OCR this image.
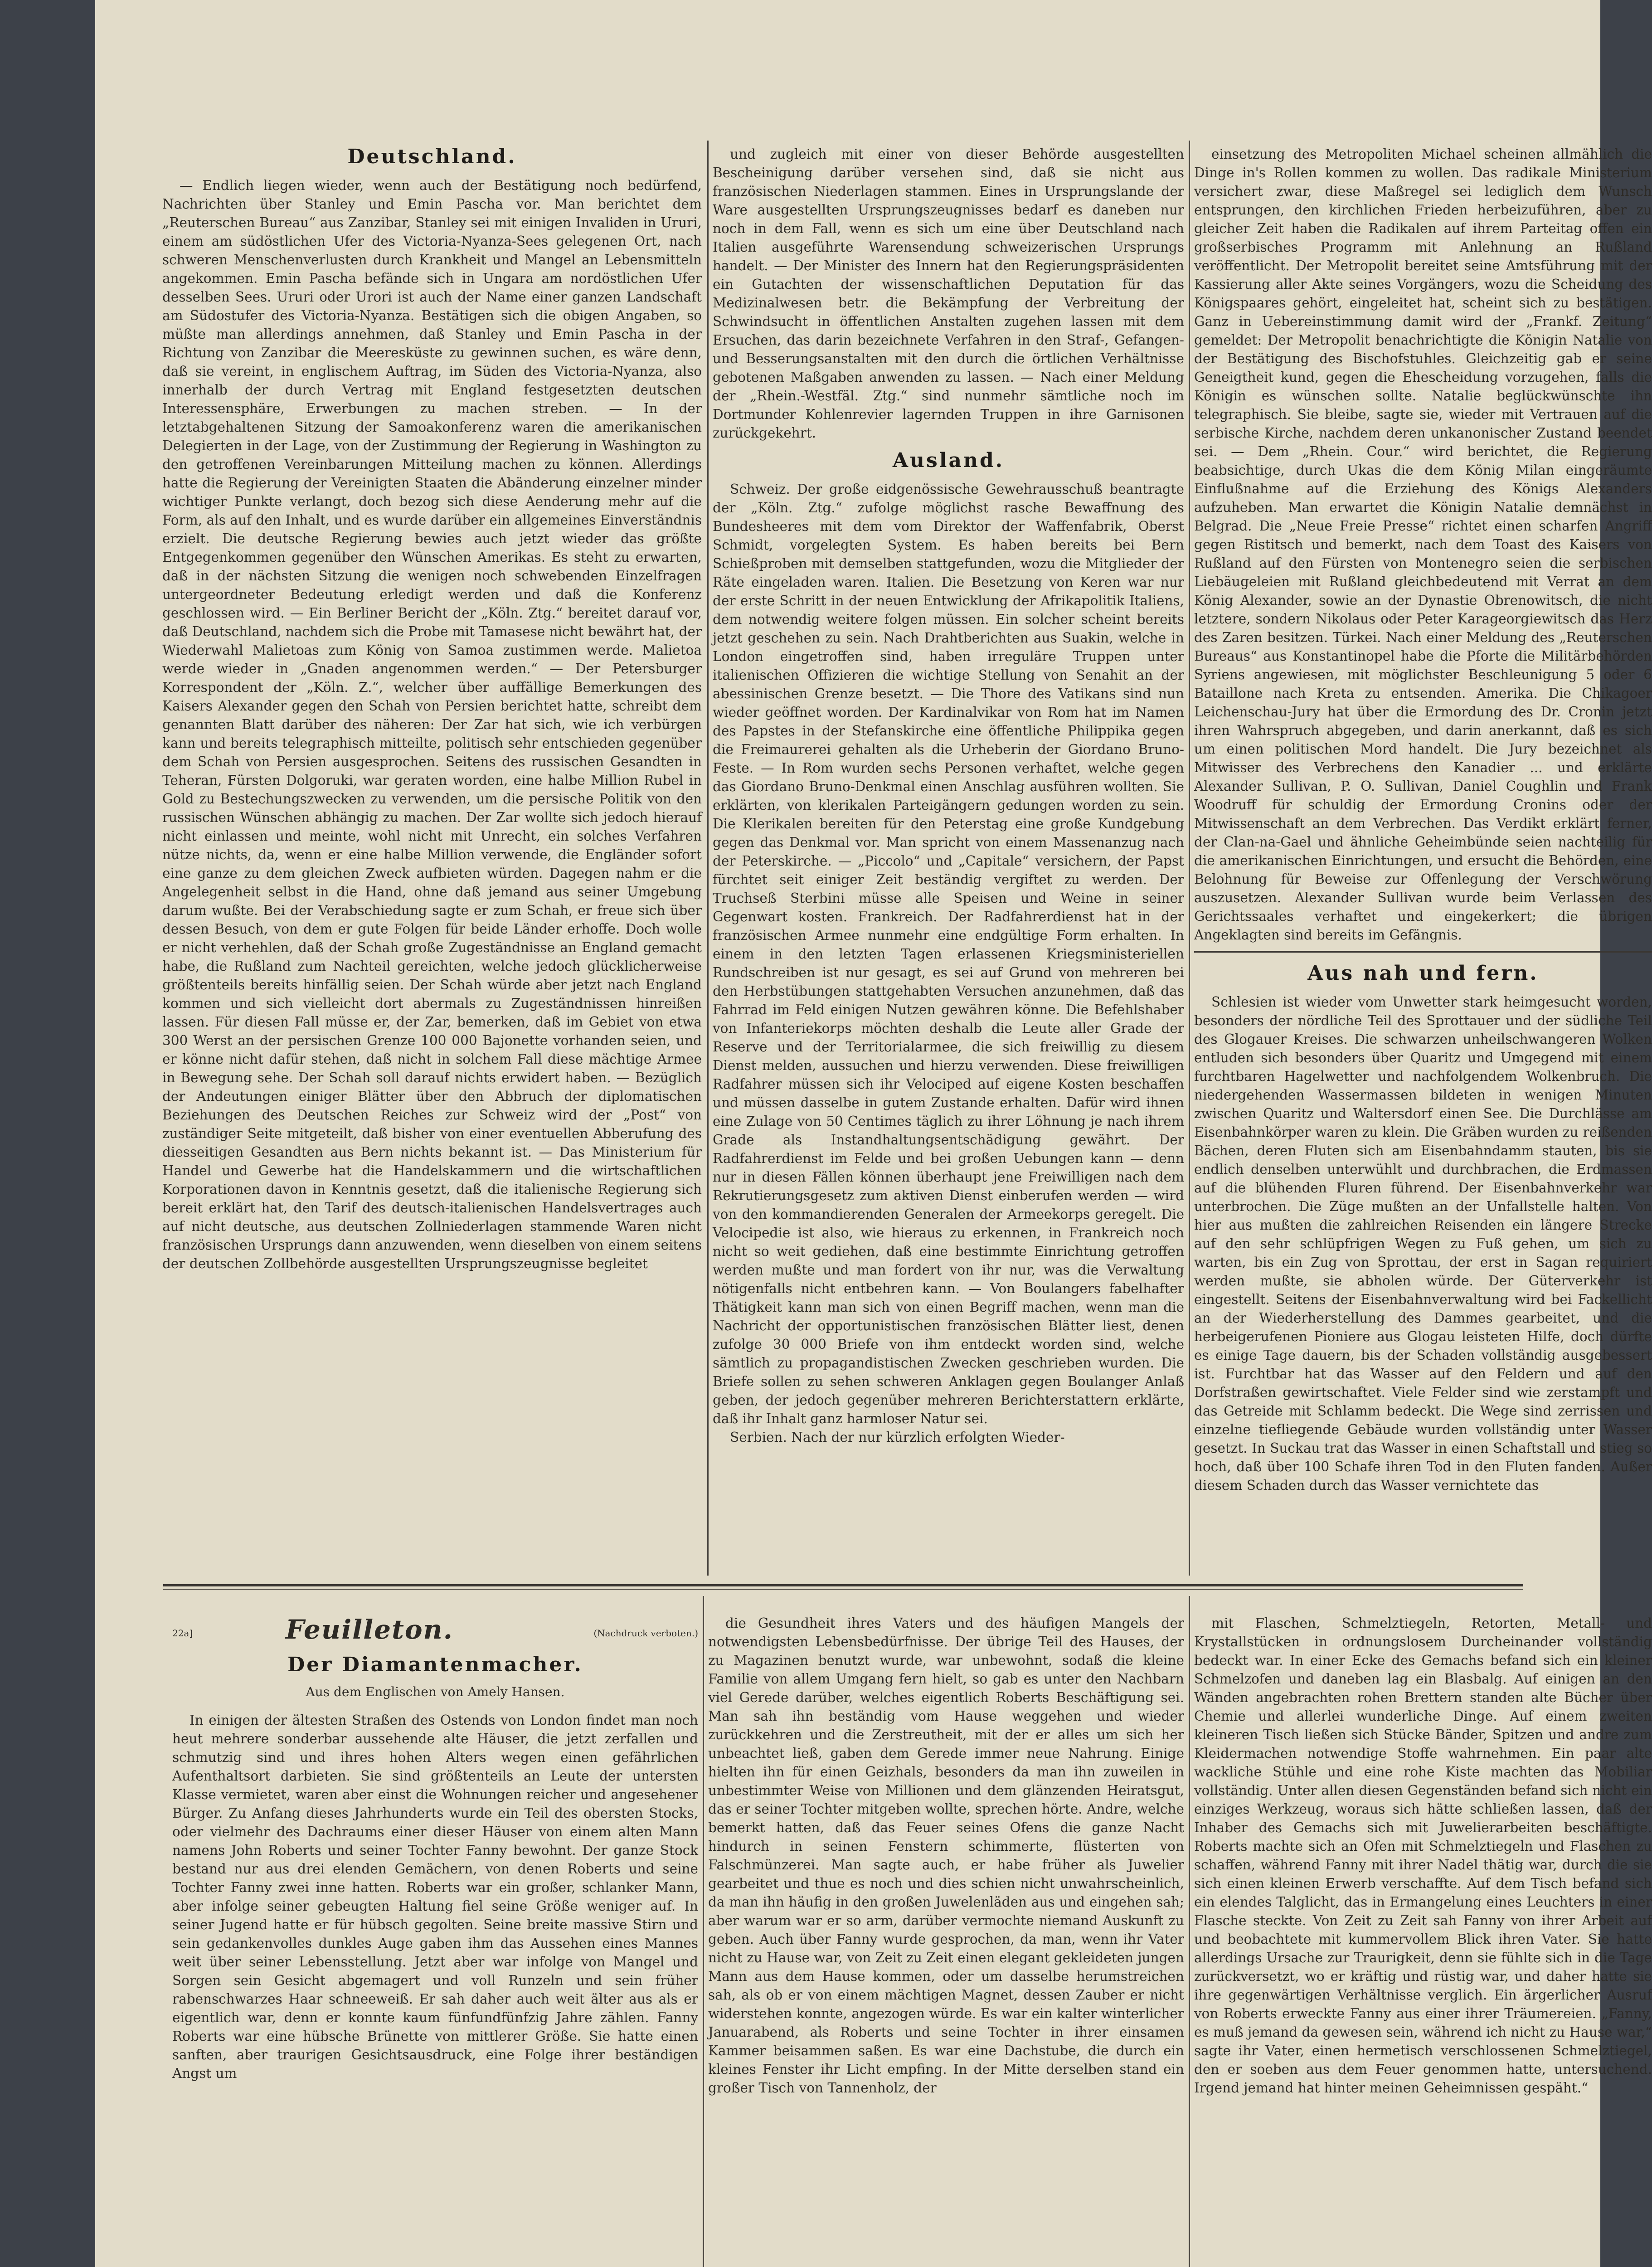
Deutschland.

— Endlich liegen wieder, wenn auch der Bestätigung noch bedürfend, Nachrichten über Stanley und Emin Pascha vor. Man berichtet dem „Reuterschen Bureau“ aus Zanzibar, Stanley sei mit einigen Invaliden in Ururi, einem am südöstlichen Ufer des Victoria-Nyanza-Sees gelegenen Ort, nach schweren Menschenverlusten durch Krankheit und Mangel an Lebensmitteln angekommen. Emin Pascha befände sich in Ungara am nordöstlichen Ufer desselben Sees. Ururi oder Urori ist auch der Name einer ganzen Landschaft am Südostufer des Victoria-Nyanza. Bestätigen sich die obigen Angaben, so müßte man allerdings annehmen, daß Stanley und Emin Pascha in der Richtung von Zanzibar die Meeresküste zu gewinnen suchen, es wäre denn, daß sie vereint, in englischem Auftrag, im Süden des Victoria-Nyanza, also innerhalb der durch Vertrag mit England festgesetzten deutschen Interessensphäre, Erwerbungen zu machen streben. — In der letztabgehaltenen Sitzung der Samoakonferenz waren die amerikanischen Delegierten in der Lage, von der Zustimmung der Regierung in Washington zu den getroffenen Vereinbarungen Mitteilung machen zu können. Allerdings hatte die Regierung der Vereinigten Staaten die Abänderung einzelner minder wichtiger Punkte verlangt, doch bezog sich diese Aenderung mehr auf die Form, als auf den Inhalt, und es wurde darüber ein allgemeines Einverständnis erzielt. Die deutsche Regierung bewies auch jetzt wieder das größte Entgegenkommen gegenüber den Wünschen Amerikas. Es steht zu erwarten, daß in der nächsten Sitzung die wenigen noch schwebenden Einzelfragen untergeordneter Bedeutung erledigt werden und daß die Konferenz geschlossen wird. — Ein Berliner Bericht der „Köln. Ztg.“ bereitet darauf vor, daß Deutschland, nachdem sich die Probe mit Tamasese nicht bewährt hat, der Wiederwahl Malietoas zum König von Samoa zustimmen werde. Malietoa werde wieder in „Gnaden angenommen werden.“ — Der Petersburger Korrespondent der „Köln. Z.“, welcher über auffällige Bemerkungen des Kaisers Alexander gegen den Schah von Persien berichtet hatte, schreibt dem genannten Blatt darüber des näheren: Der Zar hat sich, wie ich verbürgen kann und bereits telegraphisch mitteilte, politisch sehr entschieden gegenüber dem Schah von Persien ausgesprochen. Seitens des russischen Gesandten in Teheran, Fürsten Dolgoruki, war geraten worden, eine halbe Million Rubel in Gold zu Bestechungszwecken zu verwenden, um die persische Politik von den russischen Wünschen abhängig zu machen. Der Zar wollte sich jedoch hierauf nicht einlassen und meinte, wohl nicht mit Unrecht, ein solches Verfahren nütze nichts, da, wenn er eine halbe Million verwende, die Engländer sofort eine ganze zu dem gleichen Zweck aufbieten würden. Dagegen nahm er die Angelegenheit selbst in die Hand, ohne daß jemand aus seiner Umgebung darum wußte. Bei der Verabschiedung sagte er zum Schah, er freue sich über dessen Besuch, von dem er gute Folgen für beide Länder erhoffe. Doch wolle er nicht verhehlen, daß der Schah große Zugeständnisse an England gemacht habe, die Rußland zum Nachteil gereichten, welche jedoch glücklicherweise größtenteils bereits hinfällig seien. Der Schah würde aber jetzt nach England kommen und sich vielleicht dort abermals zu Zugeständnissen hinreißen lassen. Für diesen Fall müsse er, der Zar, bemerken, daß im Gebiet von etwa 300 Werst an der persischen Grenze 100 000 Bajonette vorhanden seien, und er könne nicht dafür stehen, daß nicht in solchem Fall diese mächtige Armee in Bewegung sehe. Der Schah soll darauf nichts erwidert haben. — Bezüglich der Andeutungen einiger Blätter über den Abbruch der diplomatischen Beziehungen des Deutschen Reiches zur Schweiz wird der „Post“ von zuständiger Seite mitgeteilt, daß bisher von einer eventuellen Abberufung des diesseitigen Gesandten aus Bern nichts bekannt ist. — Das Ministerium für Handel und Gewerbe hat die Handelskammern und die wirtschaftlichen Korporationen davon in Kenntnis gesetzt, daß die italienische Regierung sich bereit erklärt hat, den Tarif des deutsch-italienischen Handelsvertrages auch auf nicht deutsche, aus deutschen Zollniederlagen stammende Waren nicht französischen Ursprungs dann anzuwenden, wenn dieselben von einem seitens der deutschen Zollbehörde ausgestellten Ursprungszeugnisse begleitet

und zugleich mit einer von dieser Behörde ausgestellten Bescheinigung darüber versehen sind, daß sie nicht aus französischen Niederlagen stammen. Eines in Ursprungslande der Ware ausgestellten Ursprungszeugnisses bedarf es daneben nur noch in dem Fall, wenn es sich um eine über Deutschland nach Italien ausgeführte Warensendung schweizerischen Ursprungs handelt. — Der Minister des Innern hat den Regierungspräsidenten ein Gutachten der wissenschaftlichen Deputation für das Medizinalwesen betr. die Bekämpfung der Verbreitung der Schwindsucht in öffentlichen Anstalten zugehen lassen mit dem Ersuchen, das darin bezeichnete Verfahren in den Straf-, Gefangen- und Besserungsanstalten mit den durch die örtlichen Verhältnisse gebotenen Maßgaben anwenden zu lassen. — Nach einer Meldung der „Rhein.-Westfäl. Ztg.“ sind nunmehr sämtliche noch im Dortmunder Kohlenrevier lagernden Truppen in ihre Garnisonen zurückgekehrt.

Ausland.

Schweiz. Der große eidgenössische Gewehrausschuß beantragte der „Köln. Ztg.“ zufolge möglichst rasche Bewaffnung des Bundesheeres mit dem vom Direktor der Waffenfabrik, Oberst Schmidt, vorgelegten System. Es haben bereits bei Bern Schießproben mit demselben stattgefunden, wozu die Mitglieder der Räte eingeladen waren. Italien. Die Besetzung von Keren war nur der erste Schritt in der neuen Entwicklung der Afrikapolitik Italiens, dem notwendig weitere folgen müssen. Ein solcher scheint bereits jetzt geschehen zu sein. Nach Drahtberichten aus Suakin, welche in London eingetroffen sind, haben irreguläre Truppen unter italienischen Offizieren die wichtige Stellung von Senahit an der abessinischen Grenze besetzt. — Die Thore des Vatikans sind nun wieder geöffnet worden. Der Kardinalvikar von Rom hat im Namen des Papstes in der Stefanskirche eine öffentliche Philippika gegen die Freimaurerei gehalten als die Urheberin der Giordano Bruno-Feste. — In Rom wurden sechs Personen verhaftet, welche gegen das Giordano Bruno-Denkmal einen Anschlag ausführen wollten. Sie erklärten, von klerikalen Parteigängern gedungen worden zu sein. Die Klerikalen bereiten für den Peterstag eine große Kundgebung gegen das Denkmal vor. Man spricht von einem Massenanzug nach der Peterskirche. — „Piccolo“ und „Capitale“ versichern, der Papst fürchtet seit einiger Zeit beständig vergiftet zu werden. Der Truchseß Sterbini müsse alle Speisen und Weine in seiner Gegenwart kosten. Frankreich. Der Radfahrerdienst hat in der französischen Armee nunmehr eine endgültige Form erhalten. In einem in den letzten Tagen erlassenen Kriegsministeriellen Rundschreiben ist nur gesagt, es sei auf Grund von mehreren bei den Herbstübungen stattgehabten Versuchen anzunehmen, daß das Fahrrad im Feld einigen Nutzen gewähren könne. Die Befehlshaber von Infanteriekorps möchten deshalb die Leute aller Grade der Reserve und der Territorialarmee, die sich freiwillig zu diesem Dienst melden, aussuchen und hierzu verwenden. Diese freiwilligen Radfahrer müssen sich ihr Velociped auf eigene Kosten beschaffen und müssen dasselbe in gutem Zustande erhalten. Dafür wird ihnen eine Zulage von 50 Centimes täglich zu ihrer Löhnung je nach ihrem Grade als Instandhaltungsentschädigung gewährt. Der Radfahrerdienst im Felde und bei großen Uebungen kann — denn nur in diesen Fällen können überhaupt jene Freiwilligen nach dem Rekrutierungsgesetz zum aktiven Dienst einberufen werden — wird von den kommandierenden Generalen der Armeekorps geregelt. Die Velocipedie ist also, wie hieraus zu erkennen, in Frankreich noch nicht so weit gediehen, daß eine bestimmte Einrichtung getroffen werden mußte und man fordert von ihr nur, was die Verwaltung nötigenfalls nicht entbehren kann. — Von Boulangers fabelhafter Thätigkeit kann man sich von einen Begriff machen, wenn man die Nachricht der opportunistischen französischen Blätter liest, denen zufolge 30 000 Briefe von ihm entdeckt worden sind, welche sämtlich zu propagandistischen Zwecken geschrieben wurden. Die Briefe sollen zu sehen schweren Anklagen gegen Boulanger Anlaß geben, der jedoch gegenüber mehreren Berichterstattern erklärte, daß ihr Inhalt ganz harmloser Natur sei.

Serbien. Nach der nur kürzlich erfolgten Wieder-

einsetzung des Metropoliten Michael scheinen allmählich die Dinge in's Rollen kommen zu wollen. Das radikale Ministerium versichert zwar, diese Maßregel sei lediglich dem Wunsch entsprungen, den kirchlichen Frieden herbeizuführen, aber zu gleicher Zeit haben die Radikalen auf ihrem Parteitag offen ein großserbisches Programm mit Anlehnung an Rußland veröffentlicht. Der Metropolit bereitet seine Amtsführung mit der Kassierung aller Akte seines Vorgängers, wozu die Scheidung des Königspaares gehört, eingeleitet hat, scheint sich zu bestätigen. Ganz in Uebereinstimmung damit wird der „Frankf. Zeitung“ gemeldet: Der Metropolit benachrichtigte die Königin Natalie von der Bestätigung des Bischofstuhles. Gleichzeitig gab er seine Geneigtheit kund, gegen die Ehescheidung vorzugehen, falls die Königin es wünschen sollte. Natalie beglückwünschte ihn telegraphisch. Sie bleibe, sagte sie, wieder mit Vertrauen auf die serbische Kirche, nachdem deren unkanonischer Zustand beendet sei. — Dem „Rhein. Cour.“ wird berichtet, die Regierung beabsichtige, durch Ukas die dem König Milan eingeräumte Einflußnahme auf die Erziehung des Königs Alexanders aufzuheben. Man erwartet die Königin Natalie demnächst in Belgrad. Die „Neue Freie Presse“ richtet einen scharfen Angriff gegen Ristitsch und bemerkt, nach dem Toast des Kaisers von Rußland auf den Fürsten von Montenegro seien die serbischen Liebäugeleien mit Rußland gleichbedeutend mit Verrat an dem König Alexander, sowie an der Dynastie Obrenowitsch, die nicht letztere, sondern Nikolaus oder Peter Karageorgiewitsch das Herz des Zaren besitzen. Türkei. Nach einer Meldung des „Reuterschen Bureaus“ aus Konstantinopel habe die Pforte die Militärbehörden Syriens angewiesen, mit möglichster Beschleunigung 5 oder 6 Bataillone nach Kreta zu entsenden. Amerika. Die Chikagoer Leichenschau-Jury hat über die Ermordung des Dr. Cronin jetzt ihren Wahrspruch abgegeben, und darin anerkannt, daß es sich um einen politischen Mord handelt. Die Jury bezeichnet als Mitwisser des Verbrechens den Kanadier ... und erklärte Alexander Sullivan, P. O. Sullivan, Daniel Coughlin und Frank Woodruff für schuldig der Ermordung Cronins oder der Mitwissenschaft an dem Verbrechen. Das Verdikt erklärt ferner, der Clan-na-Gael und ähnliche Geheimbünde seien nachteilig für die amerikanischen Einrichtungen, und ersucht die Behörden, eine Belohnung für Beweise zur Offenlegung der Verschwörung auszusetzen. Alexander Sullivan wurde beim Verlassen des Gerichtssaales verhaftet und eingekerkert; die übrigen Angeklagten sind bereits im Gefängnis.

Aus nah und fern.

Schlesien ist wieder vom Unwetter stark heimgesucht worden, besonders der nördliche Teil des Sprottauer und der südliche Teil des Glogauer Kreises. Die schwarzen unheilschwangeren Wolken entluden sich besonders über Quaritz und Umgegend mit einem furchtbaren Hagelwetter und nachfolgendem Wolkenbruch. Die niedergehenden Wassermassen bildeten in wenigen Minuten zwischen Quaritz und Waltersdorf einen See. Die Durchlässe am Eisenbahnkörper waren zu klein. Die Gräben wurden zu reißenden Bächen, deren Fluten sich am Eisenbahndamm stauten, bis sie endlich denselben unterwühlt und durchbrachen, die Erdmassen auf die blühenden Fluren führend. Der Eisenbahnverkehr war unterbrochen. Die Züge mußten an der Unfallstelle halten. Von hier aus mußten die zahlreichen Reisenden ein längere Strecke auf den sehr schlüpfrigen Wegen zu Fuß gehen, um sich zu warten, bis ein Zug von Sprottau, der erst in Sagan requiriert werden mußte, sie abholen würde. Der Güterverkehr ist eingestellt. Seitens der Eisenbahnverwaltung wird bei Fackellicht an der Wiederherstellung des Dammes gearbeitet, und die herbeigerufenen Pioniere aus Glogau leisteten Hilfe, doch dürfte es einige Tage dauern, bis der Schaden vollständig ausgebessert ist. Furchtbar hat das Wasser auf den Feldern und auf den Dorfstraßen gewirtschaftet. Viele Felder sind wie zerstampft und das Getreide mit Schlamm bedeckt. Die Wege sind zerrissen und einzelne tiefliegende Gebäude wurden vollständig unter Wasser gesetzt. In Suckau trat das Wasser in einen Schaftstall und stieg so hoch, daß über 100 Schafe ihren Tod in den Fluten fanden. Außer diesem Schaden durch das Wasser vernichtete das

22a]	Feuilleton.	(Nachdruck verboten.)
Der Diamantenmacher.
Aus dem Englischen von Amely Hansen.

In einigen der ältesten Straßen des Ostends von London findet man noch heut mehrere sonderbar aussehende alte Häuser, die jetzt zerfallen und schmutzig sind und ihres hohen Alters wegen einen gefährlichen Aufenthaltsort darbieten. Sie sind größtenteils an Leute der untersten Klasse vermietet, waren aber einst die Wohnungen reicher und angesehener Bürger. Zu Anfang dieses Jahrhunderts wurde ein Teil des obersten Stocks, oder vielmehr des Dachraums einer dieser Häuser von einem alten Mann namens John Roberts und seiner Tochter Fanny bewohnt. Der ganze Stock bestand nur aus drei elenden Gemächern, von denen Roberts und seine Tochter Fanny zwei inne hatten. Roberts war ein großer, schlanker Mann, aber infolge seiner gebeugten Haltung fiel seine Größe weniger auf. In seiner Jugend hatte er für hübsch gegolten. Seine breite massive Stirn und sein gedankenvolles dunkles Auge gaben ihm das Aussehen eines Mannes weit über seiner Lebensstellung. Jetzt aber war infolge von Mangel und Sorgen sein Gesicht abgemagert und voll Runzeln und sein früher rabenschwarzes Haar schneeweiß. Er sah daher auch weit älter aus als er eigentlich war, denn er konnte kaum fünfundfünfzig Jahre zählen. Fanny Roberts war eine hübsche Brünette von mittlerer Größe. Sie hatte einen sanften, aber traurigen Gesichtsausdruck, eine Folge ihrer beständigen Angst um

die Gesundheit ihres Vaters und des häufigen Mangels der notwendigsten Lebensbedürfnisse. Der übrige Teil des Hauses, der zu Magazinen benutzt wurde, war unbewohnt, sodaß die kleine Familie von allem Umgang fern hielt, so gab es unter den Nachbarn viel Gerede darüber, welches eigentlich Roberts Beschäftigung sei. Man sah ihn beständig vom Hause weggehen und wieder zurückkehren und die Zerstreutheit, mit der er alles um sich her unbeachtet ließ, gaben dem Gerede immer neue Nahrung. Einige hielten ihn für einen Geizhals, besonders da man ihn zuweilen in unbestimmter Weise von Millionen und dem glänzenden Heiratsgut, das er seiner Tochter mitgeben wollte, sprechen hörte. Andre, welche bemerkt hatten, daß das Feuer seines Ofens die ganze Nacht hindurch in seinen Fenstern schimmerte, flüsterten von Falschmünzerei. Man sagte auch, er habe früher als Juwelier gearbeitet und thue es noch und dies schien nicht unwahrscheinlich, da man ihn häufig in den großen Juwelenläden aus und eingehen sah; aber warum war er so arm, darüber vermochte niemand Auskunft zu geben. Auch über Fanny wurde gesprochen, da man, wenn ihr Vater nicht zu Hause war, von Zeit zu Zeit einen elegant gekleideten jungen Mann aus dem Hause kommen, oder um dasselbe herumstreichen sah, als ob er von einem mächtigen Magnet, dessen Zauber er nicht widerstehen konnte, angezogen würde. Es war ein kalter winterlicher Januarabend, als Roberts und seine Tochter in ihrer einsamen Kammer beisammen saßen. Es war eine Dachstube, die durch ein kleines Fenster ihr Licht empfing. In der Mitte derselben stand ein großer Tisch von Tannenholz, der

mit Flaschen, Schmelztiegeln, Retorten, Metall- und Krystallstücken in ordnungslosem Durcheinander vollständig bedeckt war. In einer Ecke des Gemachs befand sich ein kleiner Schmelzofen und daneben lag ein Blasbalg. Auf einigen an den Wänden angebrachten rohen Brettern standen alte Bücher über Chemie und allerlei wunderliche Dinge. Auf einem zweiten kleineren Tisch ließen sich Stücke Bänder, Spitzen und andre zum Kleidermachen notwendige Stoffe wahrnehmen. Ein paar alte wackliche Stühle und eine rohe Kiste machten das Mobiliar vollständig. Unter allen diesen Gegenständen befand sich nicht ein einziges Werkzeug, woraus sich hätte schließen lassen, daß der Inhaber des Gemachs sich mit Juwelierarbeiten beschäftigte. Roberts machte sich an Ofen mit Schmelztiegeln und Flaschen zu schaffen, während Fanny mit ihrer Nadel thätig war, durch die sie sich einen kleinen Erwerb verschaffte. Auf dem Tisch befand sich ein elendes Talglicht, das in Ermangelung eines Leuchters in einer Flasche steckte. Von Zeit zu Zeit sah Fanny von ihrer Arbeit auf und beobachtete mit kummervollem Blick ihren Vater. Sie hatte allerdings Ursache zur Traurigkeit, denn sie fühlte sich in die Tage zurückversetzt, wo er kräftig und rüstig war, und daher hatte sie ihre gegenwärtigen Verhältnisse verglich. Ein ärgerlicher Ausruf von Roberts erweckte Fanny aus einer ihrer Träumereien. „Fanny, es muß jemand da gewesen sein, während ich nicht zu Hause war,“ sagte ihr Vater, einen hermetisch verschlossenen Schmelztiegel, den er soeben aus dem Feuer genommen hatte, untersuchend. Irgend jemand hat hinter meinen Geheimnissen gespäht.“
